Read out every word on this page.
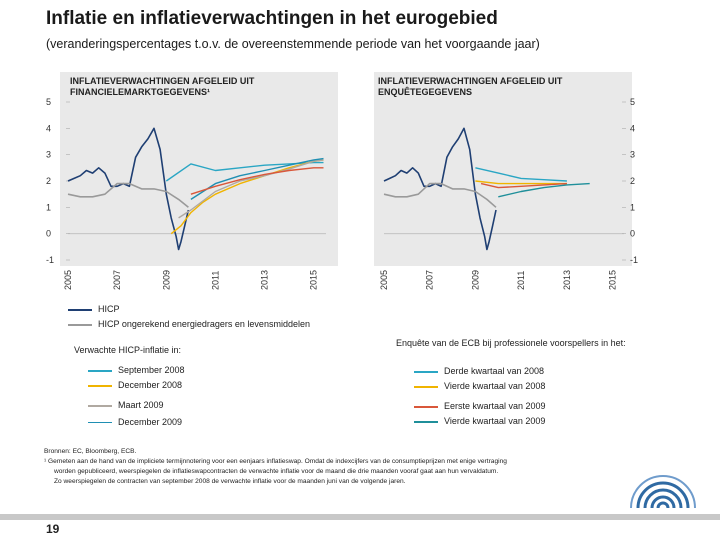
Inflatie en inflatieverwachtingen in het eurogebied
(veranderingspercentages t.o.v. de overeenstemmende periode van het voorgaande jaar)
INFLATIEVERWACHTINGEN AFGELEID UIT FINANCIELEMARKTGEGEVENS¹
5
4
3
2
1
0
-1
2005	2007	2009	2011	2013	2015
INFLATIEVERWACHTINGEN AFGELEID UIT ENQUÊTEGEGEVENS
5
4
3
2
1
0
-1
2005	2007	2009	2011	2013	2015
HICP
HICP ongerekend energiedragers en levensmiddelen
Verwachte HICP-inflatie in:
September 2008
December 2008
Maart 2009
December 2009
Enquête van de ECB bij professionele voorspellers in het:
Derde kwartaal van 2008
Vierde kwartaal van 2008
Eerste kwartaal van 2009
Vierde kwartaal van 2009
Bronnen: EC, Bloomberg, ECB.
¹ Gemeten aan de hand van de impliciete termijnnotering voor een eenjaars inflatieswap. Omdat de indexcijfers van de consumptieprijzen met enige vertraging
worden gepubliceerd, weerspiegelen de inflatieswapcontracten de verwachte inflatie voor de maand die drie maanden vooraf gaat aan hun vervaldatum.
Zo weerspiegelen de contracten van september 2008 de verwachte inflatie voor de maanden juni van de volgende jaren.
19
